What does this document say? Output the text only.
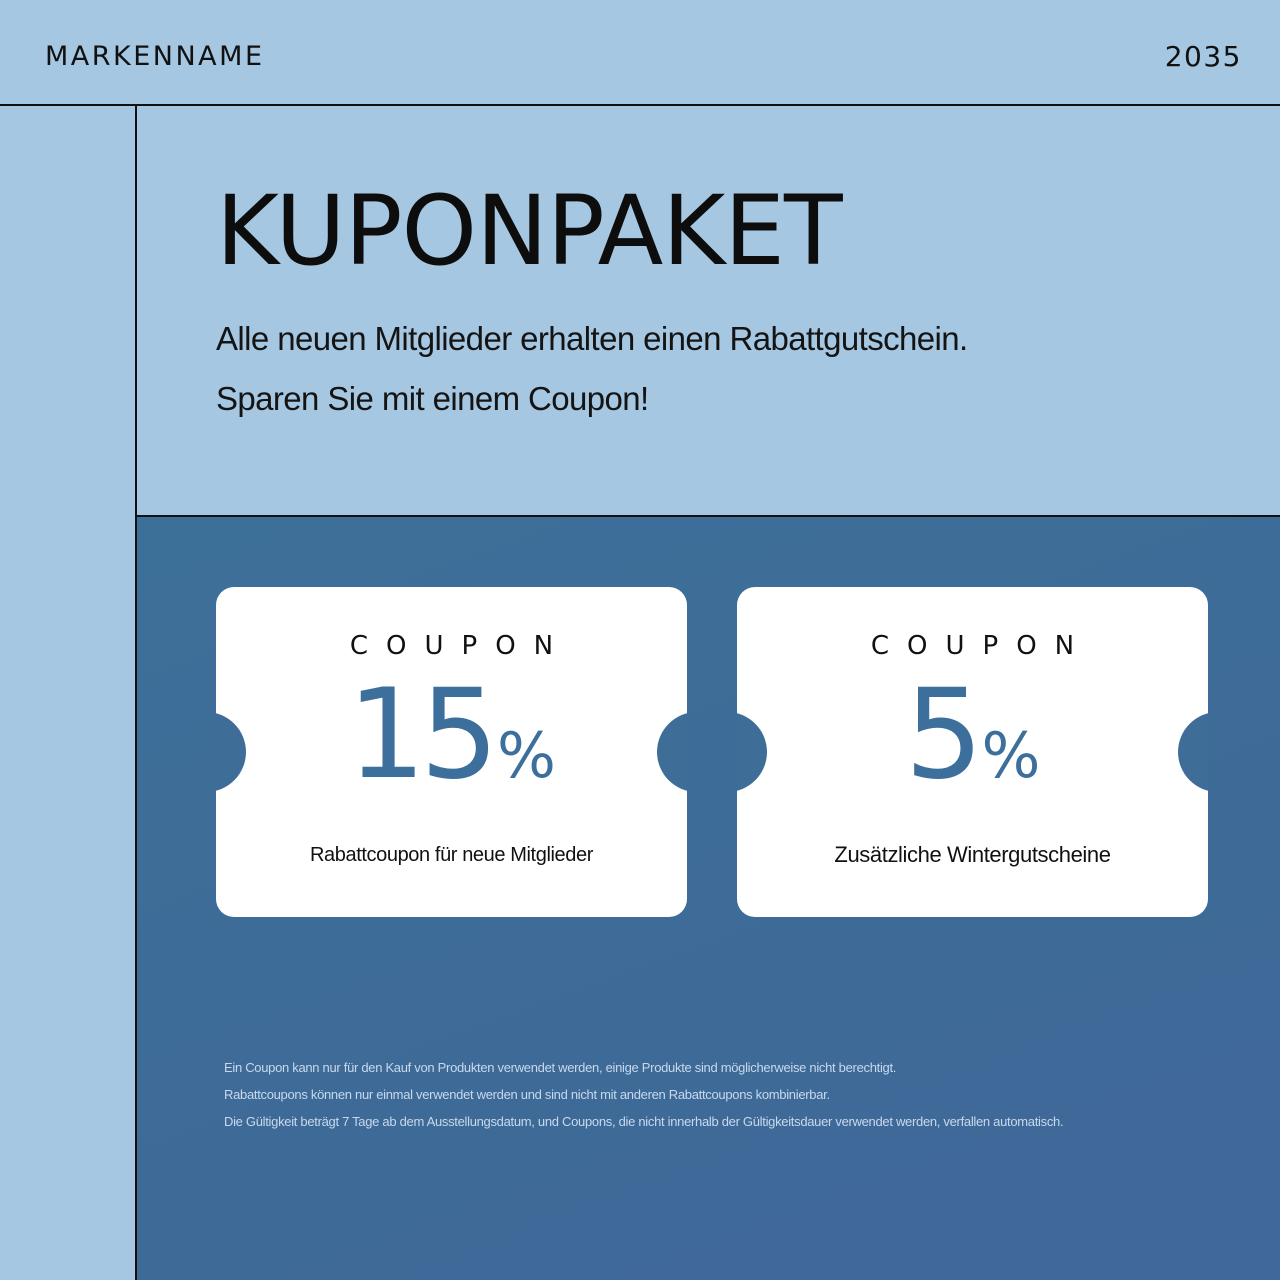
MARKENNAME	2035
KUPONPAKET
Alle neuen Mitglieder erhalten einen Rabattgutschein.
Sparen Sie mit einem Coupon!
COUPON
15%
Rabattcoupon für neue Mitglieder
COUPON
5%
Zusätzliche Wintergutscheine
Ein Coupon kann nur für den Kauf von Produkten verwendet werden, einige Produkte sind möglicherweise nicht berechtigt.
Rabattcoupons können nur einmal verwendet werden und sind nicht mit anderen Rabattcoupons kombinierbar.
Die Gültigkeit beträgt 7 Tage ab dem Ausstellungsdatum, und Coupons, die nicht innerhalb der Gültigkeitsdauer verwendet werden, verfallen automatisch.
